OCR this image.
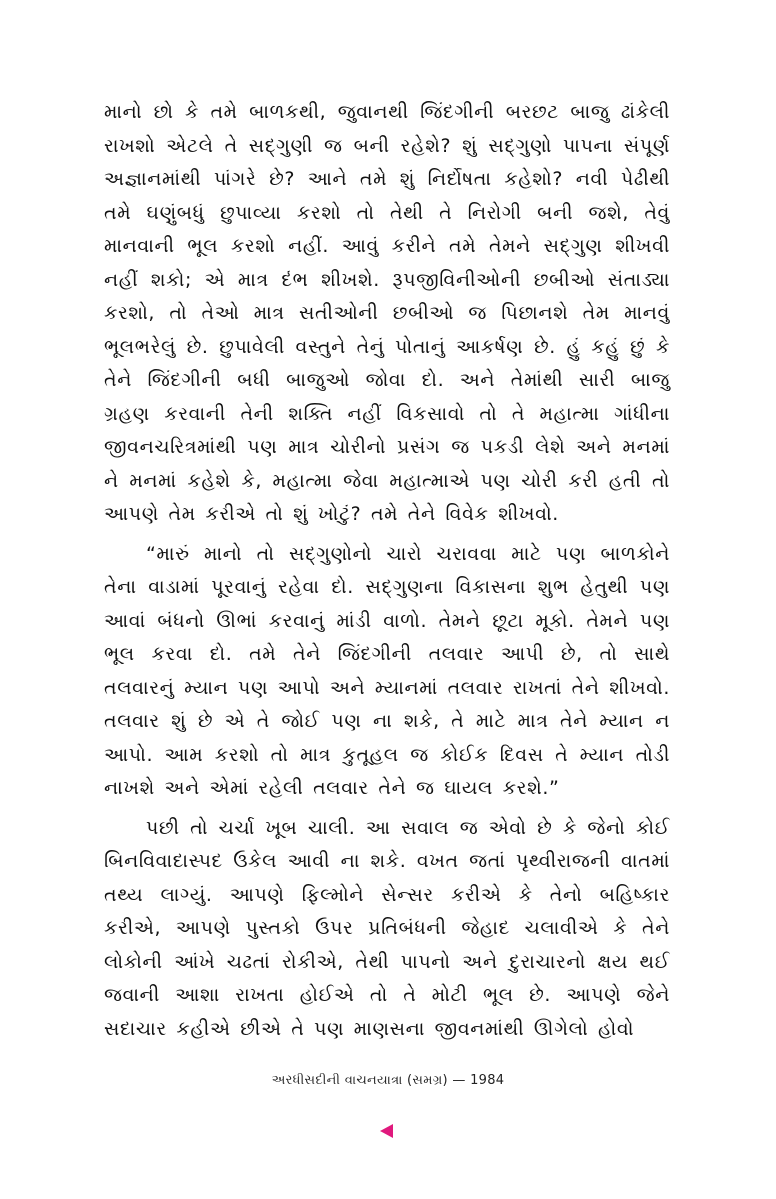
માનો છો કે તમે બાળકથી, જુવાનથી જિંદગીની બરછટ બાજુ ઢાંકેલી રાખશો એટલે તે સદ્‌ગુણી જ બની રહેશે? શું સદ્‌ગુણો પાપના સંપૂર્ણ અજ્ઞાનમાંથી પાંગરે છે? આને તમે શું નિર્દોષતા કહેશો? નવી પેઢીથી તમે ઘણુંબધું છુપાવ્યા કરશો તો તેથી તે નિરોગી બની જશે, તેવું માનવાની ભૂલ કરશો નહીં. આવું કરીને તમે તેમને સદ્‌ગુણ શીખવી નહીં શકો; એ માત્ર દંભ શીખશે. રૂપજીવિનીઓની છબીઓ સંતાડ્યા કરશો, તો તેઓ માત્ર સતીઓની છબીઓ જ પિછાનશે તેમ માનવું ભૂલભરેલું છે. છુપાવેલી વસ્તુને તેનું પોતાનું આકર્ષણ છે. હું કહું છું કે તેને જિંદગીની બધી બાજુઓ જોવા દો. અને તેમાંથી સારી બાજુ ગ્રહણ કરવાની તેની શક્તિ નહીં વિકસાવો તો તે મહાત્મા ગાંધીના જીવનચરિત્રમાંથી પણ માત્ર ચોરીનો પ્રસંગ જ પકડી લેશે અને મનમાં ને મનમાં કહેશે કે, મહાત્મા જેવા મહાત્માએ પણ ચોરી કરી હતી તો આપણે તેમ કરીએ તો શું ખોટું? તમે તેને વિવેક શીખવો.

“મારું માનો તો સદ્‌ગુણોનો ચારો ચરાવવા માટે પણ બાળકોને તેના વાડામાં પૂરવાનું રહેવા દો. સદ્‌ગુણના વિકાસના શુભ હેતુથી પણ આવાં બંધનો ઊભાં કરવાનું માંડી વાળો. તેમને છૂટા મૂકો. તેમને પણ ભૂલ કરવા દો. તમે તેને જિંદગીની તલવાર આપી છે, તો સાથે તલવારનું મ્યાન પણ આપો અને મ્યાનમાં તલવાર રાખતાં તેને શીખવો. તલવાર શું છે એ તે જોઈ પણ ના શકે, તે માટે માત્ર તેને મ્યાન ન આપો. આમ કરશો તો માત્ર કુતૂહલ જ કોઈક દિવસ તે મ્યાન તોડી નાખશે અને એમાં રહેલી તલવાર તેને જ ઘાયલ કરશે.”

પછી તો ચર્ચા ખૂબ ચાલી. આ સવાલ જ એવો છે કે જેનો કોઈ બિનવિવાદાસ્પદ ઉકેલ આવી ના શકે. વખત જતાં પૃથ્વીરાજની વાતમાં તથ્ય લાગ્યું. આપણે ફિલ્મોને સેન્સર કરીએ કે તેનો બહિષ્કાર કરીએ, આપણે પુસ્તકો ઉપર પ્રતિબંધની જેહાદ ચલાવીએ કે તેને લોકોની આંખે ચઢતાં રોકીએ, તેથી પાપનો અને દુરાચારનો ક્ષય થઈ જવાની આશા રાખતા હોઈએ તો તે મોટી ભૂલ છે. આપણે જેને સદાચાર કહીએ છીએ તે પણ માણસના જીવનમાંથી ઊગેલો હોવો

અરધીસદીની વાચનયાત્રા (સમગ્ર) — 1984
